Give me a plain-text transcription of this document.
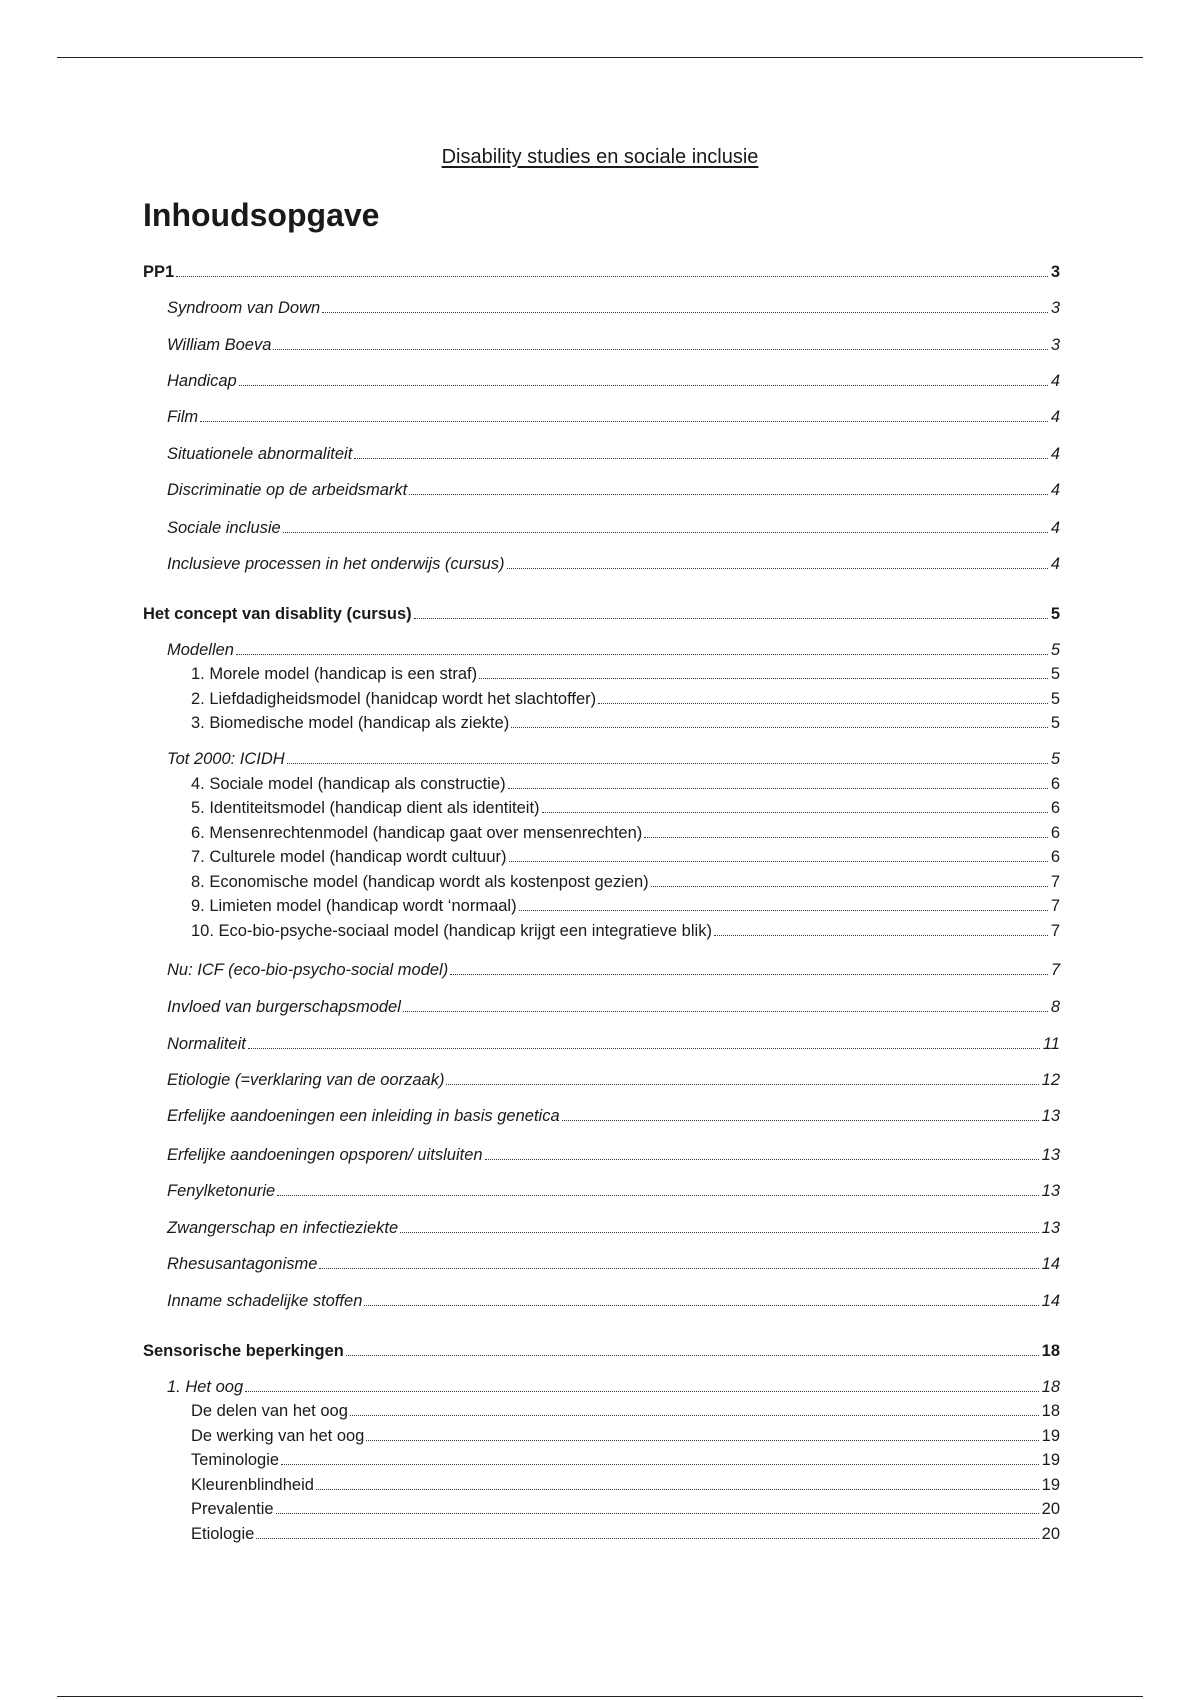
Disability studies en sociale inclusie
Inhoudsopgave
PP1	3
Syndroom van Down	3
William Boeva	3
Handicap	4
Film	4
Situationele abnormaliteit	4
Discriminatie op de arbeidsmarkt	4
Sociale inclusie	4
Inclusieve processen in het onderwijs (cursus)	4
Het concept van disablity (cursus)	5
Modellen	5
1. Morele model (handicap is een straf)	5
2. Liefdadigheidsmodel (hanidcap wordt het slachtoffer)	5
3. Biomedische model (handicap als ziekte)	5
Tot 2000: ICIDH	5
4. Sociale model (handicap als constructie)	6
5. Identiteitsmodel (handicap dient als identiteit)	6
6. Mensenrechtenmodel (handicap gaat over mensenrechten)	6
7. Culturele model (handicap wordt cultuur)	6
8. Economische model (handicap wordt als kostenpost gezien)	7
9. Limieten model (handicap wordt ‘normaal)	7
10. Eco-bio-psyche-sociaal model (handicap krijgt een integratieve blik)	7
Nu: ICF (eco-bio-psycho-social model)	7
Invloed van burgerschapsmodel	8
Normaliteit	11
Etiologie (=verklaring van de oorzaak)	12
Erfelijke aandoeningen een inleiding in basis genetica	13
Erfelijke aandoeningen opsporen/ uitsluiten	13
Fenylketonurie	13
Zwangerschap en infectieziekte	13
Rhesusantagonisme	14
Inname schadelijke stoffen	14
Sensorische beperkingen	18
1. Het oog	18
De delen van het oog	18
De werking van het oog	19
Teminologie	19
Kleurenblindheid	19
Prevalentie	20
Etiologie	20
